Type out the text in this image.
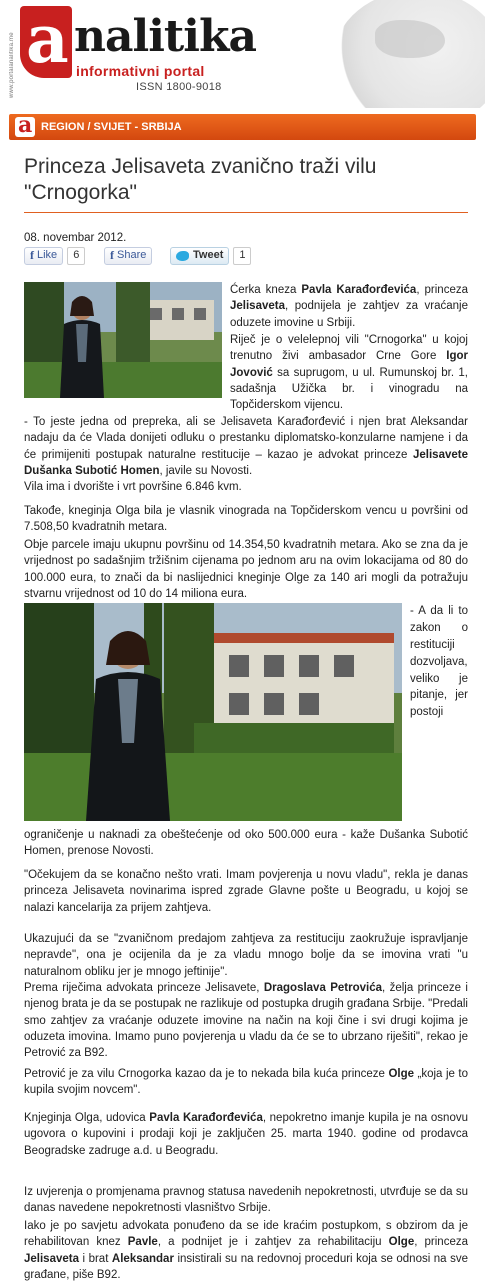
www.portalanalitika.me a nalitika
informativni portal
ISSN 1800-9018
a REGION / SVIJET - SRBIJA
Princeza Jelisaveta zvanično traži vilu "Crnogorka"
08. novembar 2012.
f Like	6	f Share	Tweet	1

Ćerka kneza Pavla Karađorđevića, princeza Jelisaveta, podnijela je zahtjev za vraćanje oduzete imovine u Srbiji.

Riječ je o velelepnoj vili "Crnogorka" u kojoj trenutno živi ambasador Crne Gore Igor Jovović sa suprugom, u ul. Rumunskoj br. 1, sadašnja Užička br. i vinogradu na Topčiderskom vijencu.

- To jeste jedna od prepreka, ali se Jelisaveta Karađorđević i njen brat Aleksandar nadaju da će Vlada donijeti odluku o prestanku diplomatsko-konzularne namjene i da će primijeniti postupak naturalne restitucije – kazao je advokat princeze Jelisavete Dušanka Subotić Homen, javile su Novosti.

Vila ima i dvorište i vrt površine 6.846 kvm.

Takođe, kneginja Olga bila je vlasnik vinograda na Topčiderskom vencu u površini od 7.508,50 kvadratnih metara.

Obje parcele imaju ukupnu površinu od 14.354,50 kvadratnih metara. Ako se zna da je vrijednost po sadašnjim tržišnim cijenama po jednom aru na ovim lokacijama od 80 do 100.000 eura, to znači da bi naslijednici kneginje Olge za 140 ari mogli da potražuju stvarnu vrijednost od 10 do 14 miliona eura.

- A da li to zakon o restituciji dozvoljava, veliko je pitanje, jer postoji

ograničenje u naknadi za obeštećenje od oko 500.000 eura - kaže Dušanka Subotić Homen, prenose Novosti.

"Očekujem da se konačno nešto vrati. Imam povjerenja u novu vladu", rekla je danas princeza Jelisaveta novinarima ispred zgrade Glavne pošte u Beogradu, u kojoj se nalazi kancelarija za prijem zahtjeva.

Ukazujući da se "zvaničnom predajom zahtjeva za restituciju zaokružuje ispravljanje nepravde", ona je ocijenila da je za vladu mnogo bolje da se imovina vrati "u naturalnom obliku jer je mnogo jeftinije".

Prema riječima advokata princeze Jelisavete, Dragoslava Petrovića, želja princeze i njenog brata je da se postupak ne razlikuje od postupka drugih građana Srbije. "Predali smo zahtjev za vraćanje oduzete imovine na način na koji čine i svi drugi kojima je oduzeta imovina. Imamo puno povjerenja u vladu da će se to ubrzano riješiti", rekao je Petrović za B92.

Petrović je za vilu Crnogorka kazao da je to nekada bila kuća princeze Olge „koja je to kupila svojim novcem".

Knjeginja Olga, udovica Pavla Karađorđevića, nepokretno imanje kupila je na osnovu ugovora o kupovini i prodaji koji je zaključen 25. marta 1940. godine od prodavca Beogradske zadruge a.d. u Beogradu.

Iz uvjerenja o promjenama pravnog statusa navedenih nepokretnosti, utvrđuje se da su danas navedene nepokretnosti vlasništvo Srbije.

Iako je po savjetu advokata ponuđeno da se ide kraćim postupkom, s obzirom da je rehabilitovan knez Pavle, a podnijet je i zahtjev za rehabilitaciju Olge, princeza Jelisaveta i brat Aleksandar insistirali su na redovnoj proceduri koja se odnosi na sve građane, piše B92.
